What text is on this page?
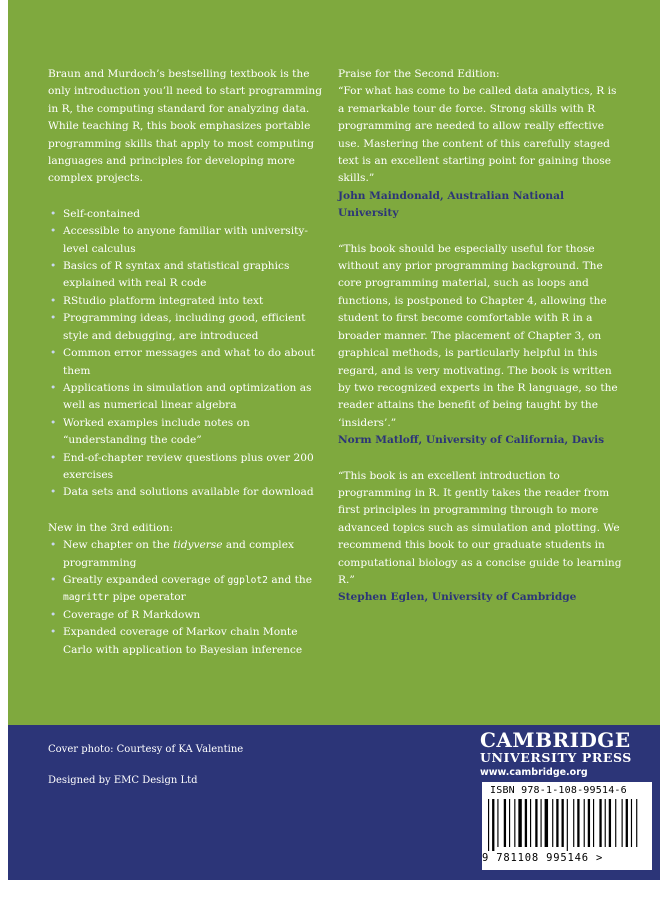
Braun and Murdoch’s bestselling textbook is the only introduction you’ll need to start programming in R, the computing standard for analyzing data. While teaching R, this book emphasizes portable programming skills that apply to most computing languages and principles for developing more complex projects.

• Self-contained
• Accessible to anyone familiar with university-level calculus
• Basics of R syntax and statistical graphics explained with real R code
• RStudio platform integrated into text
• Programming ideas, including good, efficient style and debugging, are introduced
• Common error messages and what to do about them
• Applications in simulation and optimization as well as numerical linear algebra
• Worked examples include notes on “understanding the code”
• End-of-chapter review questions plus over 200 exercises
• Data sets and solutions available for download

New in the 3rd edition:

• New chapter on the tidyverse and complex programming
• Greatly expanded coverage of ggplot2 and the magrittr pipe operator
• Coverage of R Markdown
• Expanded coverage of Markov chain Monte Carlo with application to Bayesian inference

Praise for the Second Edition:

“For what has come to be called data analytics, R is a remarkable tour de force. Strong skills with R programming are needed to allow really effective use. Mastering the content of this carefully staged text is an excellent starting point for gaining those skills.”

John Maindonald, Australian National University

“This book should be especially useful for those without any prior programming background. The core programming material, such as loops and functions, is postponed to Chapter 4, allowing the student to first become comfortable with R in a broader manner. The placement of Chapter 3, on graphical methods, is particularly helpful in this regard, and is very motivating. The book is written by two recognized experts in the R language, so the reader attains the benefit of being taught by the ‘insiders’.”

Norm Matloff, University of California, Davis

“This book is an excellent introduction to programming in R. It gently takes the reader from first principles in programming through to more advanced topics such as simulation and plotting. We recommend this book to our graduate students in computational biology as a concise guide to learning R.”

Stephen Eglen, University of Cambridge

Cover photo: Courtesy of KA Valentine
Designed by EMC Design Ltd
CAMBRIDGE
UNIVERSITY PRESS
www.cambridge.org
ISBN 978-1-108-99514-6
9 781108 995146 >
